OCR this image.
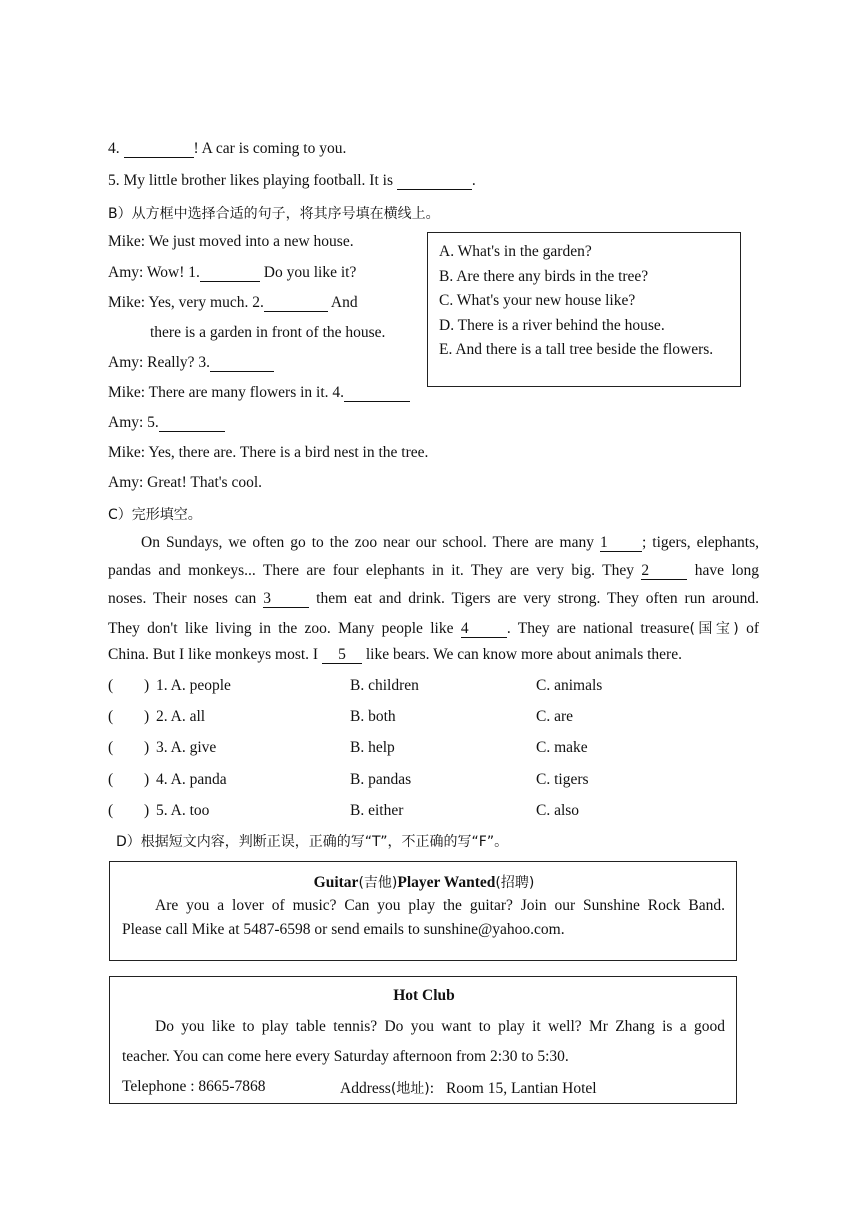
4.	! A car is coming to you.
5. My little brother likes playing football. It is	.
B）从方框中选择合适的句子，将其序号填在横线上。
Mike: We just moved into a new house.
Amy: Wow! 1.	Do you like it?
Mike: Yes, very much. 2.	And
there is a garden in front of the house.
Amy: Really? 3.
Mike: There are many flowers in it. 4.
Amy: 5.
Mike: Yes, there are. There is a bird nest in the tree.
Amy: Great! That's cool.
A. What's in the garden?
B. Are there any birds in the tree?
C. What's your new house like?
D. There is a river behind the house.
E. And there is a tall tree beside the flowers.
C）完形填空。
On Sundays, we often go to the zoo near our school. There are many 1 ; tigers, elephants,
pandas and monkeys... There are four elephants in it. They are very big. They 2	have long
noses. Their noses can 3	them eat and drink. Tigers are very strong. They often run around.
They don't like living in the zoo. Many people like 4 . They are national treasure(国宝) of
China. But I like monkeys most. I 5 like bears. We can know more about animals there.
( ) 1. A. people	B. children	C. animals
( ) 2. A. all	B. both	C. are
( ) 3. A. give	B. help	C. make
( ) 4. A. panda	B. pandas	C. tigers
( ) 5. A. too	B. either	C. also
D）根据短文内容，判断正误，正确的写“T”，不正确的写“F”。
Guitar(吉他)Player Wanted(招聘)
Are you a lover of music? Can you play the guitar? Join our Sunshine Rock Band.
Please call Mike at 5487-6598 or send emails to sunshine@yahoo.com.
Hot Club
Do you like to play table tennis? Do you want to play it well? Mr Zhang is a good
teacher. You can come here every Saturday afternoon from 2:30 to 5:30.
Telephone : 8665-7868	Address(地址): Room 15, Lantian Hotel
